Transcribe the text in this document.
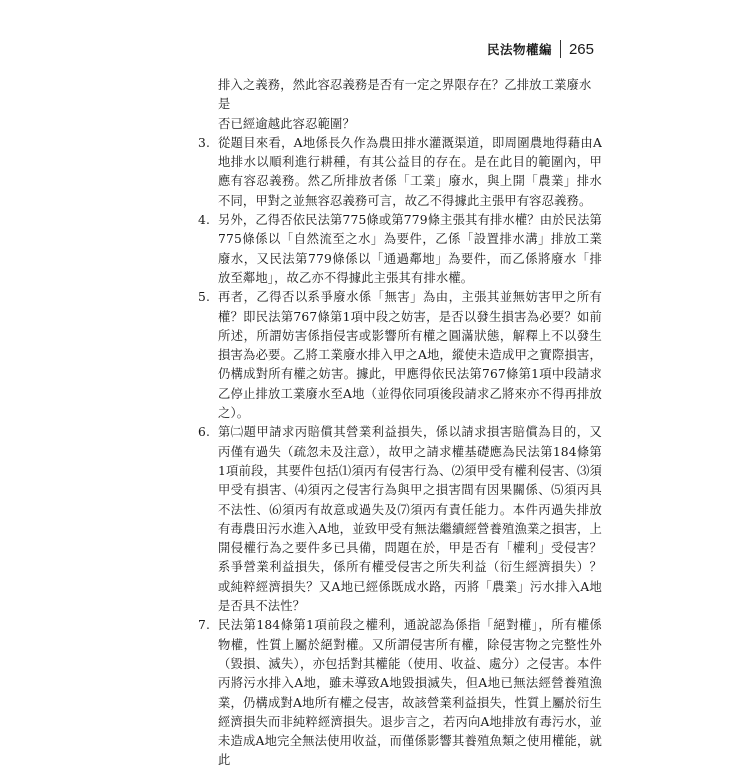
民法物權編 265

排入之義務，然此容忍義務是否有一定之界限存在？乙排放工業廢水是
否已經逾越此容忍範圍？

3. 從題目來看，A地係長久作為農田排水灌溉渠道，即周圍農地得藉由A地排水以順利進行耕種，有其公益目的存在。是在此目的範圍內，甲應有容忍義務。然乙所排放者係「工業」廢水，與上開「農業」排水不同，甲對之並無容忍義務可言，故乙不得據此主張甲有容忍義務。
4. 另外，乙得否依民法第775條或第779條主張其有排水權？由於民法第775條係以「自然流至之水」為要件，乙係「設置排水溝」排放工業廢水，又民法第779條係以「通過鄰地」為要件，而乙係將廢水「排放至鄰地」，故乙亦不得據此主張其有排水權。
5. 再者，乙得否以系爭廢水係「無害」為由，主張其並無妨害甲之所有權？即民法第767條第1項中段之妨害，是否以發生損害為必要？如前所述，所謂妨害係指侵害或影響所有權之圓滿狀態，解釋上不以發生損害為必要。乙將工業廢水排入甲之A地，縱使未造成甲之實際損害，仍構成對所有權之妨害。據此，甲應得依民法第767條第1項中段請求乙停止排放工業廢水至A地（並得依同項後段請求乙將來亦不得再排放之）。
6. 第㈡題甲請求丙賠償其營業利益損失，係以請求損害賠償為目的，又丙僅有過失（疏忽未及注意），故甲之請求權基礎應為民法第184條第1項前段，其要件包括⑴須丙有侵害行為、⑵須甲受有權利侵害、⑶須甲受有損害、⑷須丙之侵害行為與甲之損害間有因果關係、⑸須丙具不法性、⑹須丙有故意或過失及⑺須丙有責任能力。本件丙過失排放有毒農田污水進入A地，並致甲受有無法繼續經營養殖漁業之損害，上開侵權行為之要件多已具備，問題在於，甲是否有「權利」受侵害？系爭營業利益損失，係所有權受侵害之所失利益（衍生經濟損失）？或純粹經濟損失？又A地已經係既成水路，丙將「農業」污水排入A地是否具不法性？
7. 民法第184條第1項前段之權利，通說認為係指「絕對權」，所有權係物權，性質上屬於絕對權。又所謂侵害所有權，除侵害物之完整性外（毀損、滅失），亦包括對其權能（使用、收益、處分）之侵害。本件丙將污水排入A地，雖未導致A地毀損滅失，但A地已無法經營養殖漁業，仍構成對A地所有權之侵害，故該營業利益損失，性質上屬於衍生經濟損失而非純粹經濟損失。退步言之，若丙向A地排放有毒污水，並未造成A地完全無法使用收益，而僅係影響其養殖魚類之使用權能，就此
